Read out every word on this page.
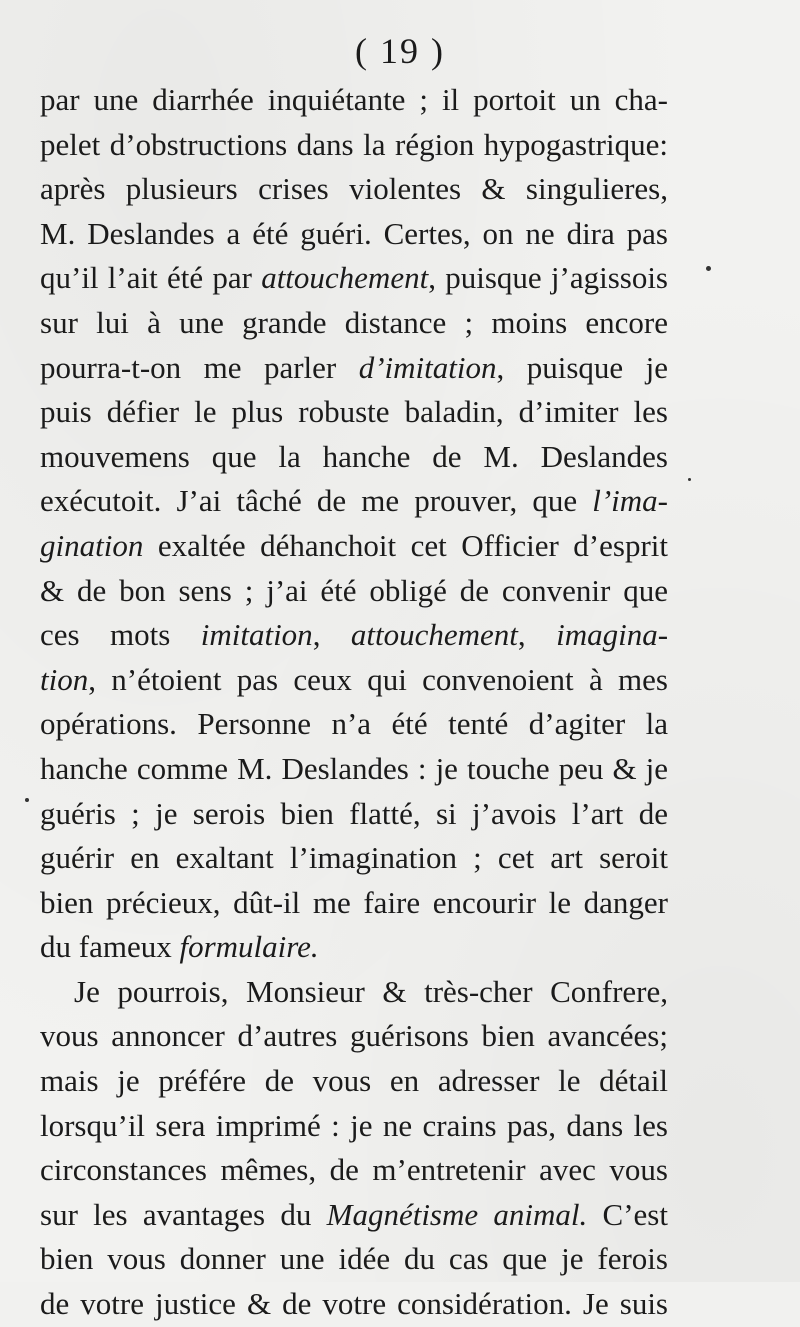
( 19 )
par une diarrhée inquiétante ; il portoit un cha-
pelet d’obstructions dans la région hypogastrique:
après plusieurs crises violentes & singulieres,
M. Deslandes a été guéri. Certes, on ne dira pas
qu’il l’ait été par attouchement, puisque j’agissois
sur lui à une grande distance ; moins encore
pourra-t-on me parler d’imitation, puisque je
puis défier le plus robuste baladin, d’imiter les
mouvemens que la hanche de M. Deslandes
exécutoit. J’ai tâché de me prouver, que l’ima-
gination exaltée déhanchoit cet Officier d’esprit
& de bon sens ; j’ai été obligé de convenir que
ces mots imitation, attouchement, imagina-
tion, n’étoient pas ceux qui convenoient à mes
opérations. Personne n’a été tenté d’agiter la
hanche comme M. Deslandes : je touche peu & je
guéris ; je serois bien flatté, si j’avois l’art de
guérir en exaltant l’imagination ; cet art seroit
bien précieux, dût-il me faire encourir le danger
du fameux formulaire.
Je pourrois, Monsieur & très-cher Confrere,
vous annoncer d’autres guérisons bien avancées;
mais je préfére de vous en adresser le détail
lorsqu’il sera imprimé : je ne crains pas, dans les
circonstances mêmes, de m’entretenir avec vous
sur les avantages du Magnétisme animal. C’est
bien vous donner une idée du cas que je ferois
de votre justice & de votre considération. Je suis
